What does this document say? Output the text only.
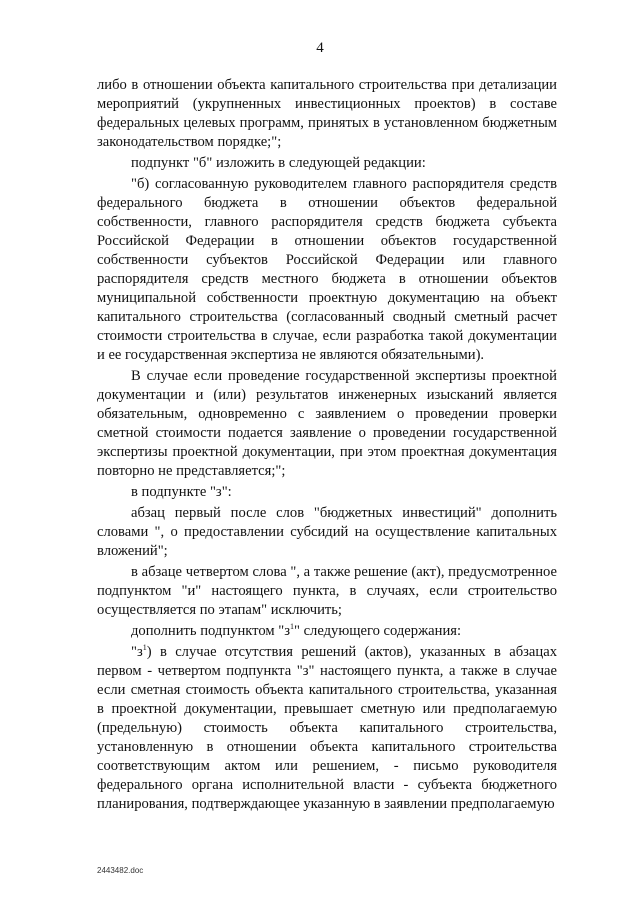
4

либо в отношении объекта капитального строительства при детализации мероприятий (укрупненных инвестиционных проектов) в составе федеральных целевых программ, принятых в установленном бюджетным законодательством порядке;";

подпункт "б" изложить в следующей редакции:

"б) согласованную руководителем главного распорядителя средств федерального бюджета в отношении объектов федеральной собственности, главного распорядителя средств бюджета субъекта Российской Федерации в отношении объектов государственной собственности субъектов Российской Федерации или главного распорядителя средств местного бюджета в отношении объектов муниципальной собственности проектную документацию на объект капитального строительства (согласованный сводный сметный расчет стоимости строительства в случае, если разработка такой документации и ее государственная экспертиза не являются обязательными).

В случае если проведение государственной экспертизы проектной документации и (или) результатов инженерных изысканий является обязательным, одновременно с заявлением о проведении проверки сметной стоимости подается заявление о проведении государственной экспертизы проектной документации, при этом проектная документация повторно не представляется;";

в подпункте "з":

абзац первый после слов "бюджетных инвестиций" дополнить словами ", о предоставлении субсидий на осуществление капитальных вложений";

в абзаце четвертом слова ", а также решение (акт), предусмотренное подпунктом "и" настоящего пункта, в случаях, если строительство осуществляется по этапам" исключить;

дополнить подпунктом "$з^1$" следующего содержания:

"$з^1$) в случае отсутствия решений (актов), указанных в абзацах первом - четвертом подпункта "з" настоящего пункта, а также в случае если сметная стоимость объекта капитального строительства, указанная в проектной документации, превышает сметную или предполагаемую (предельную) стоимость объекта капитального строительства, установленную в отношении объекта капитального строительства соответствующим актом или решением, - письмо руководителя федерального органа исполнительной власти - субъекта бюджетного планирования, подтверждающее указанную в заявлении предполагаемую

2443482.doc
